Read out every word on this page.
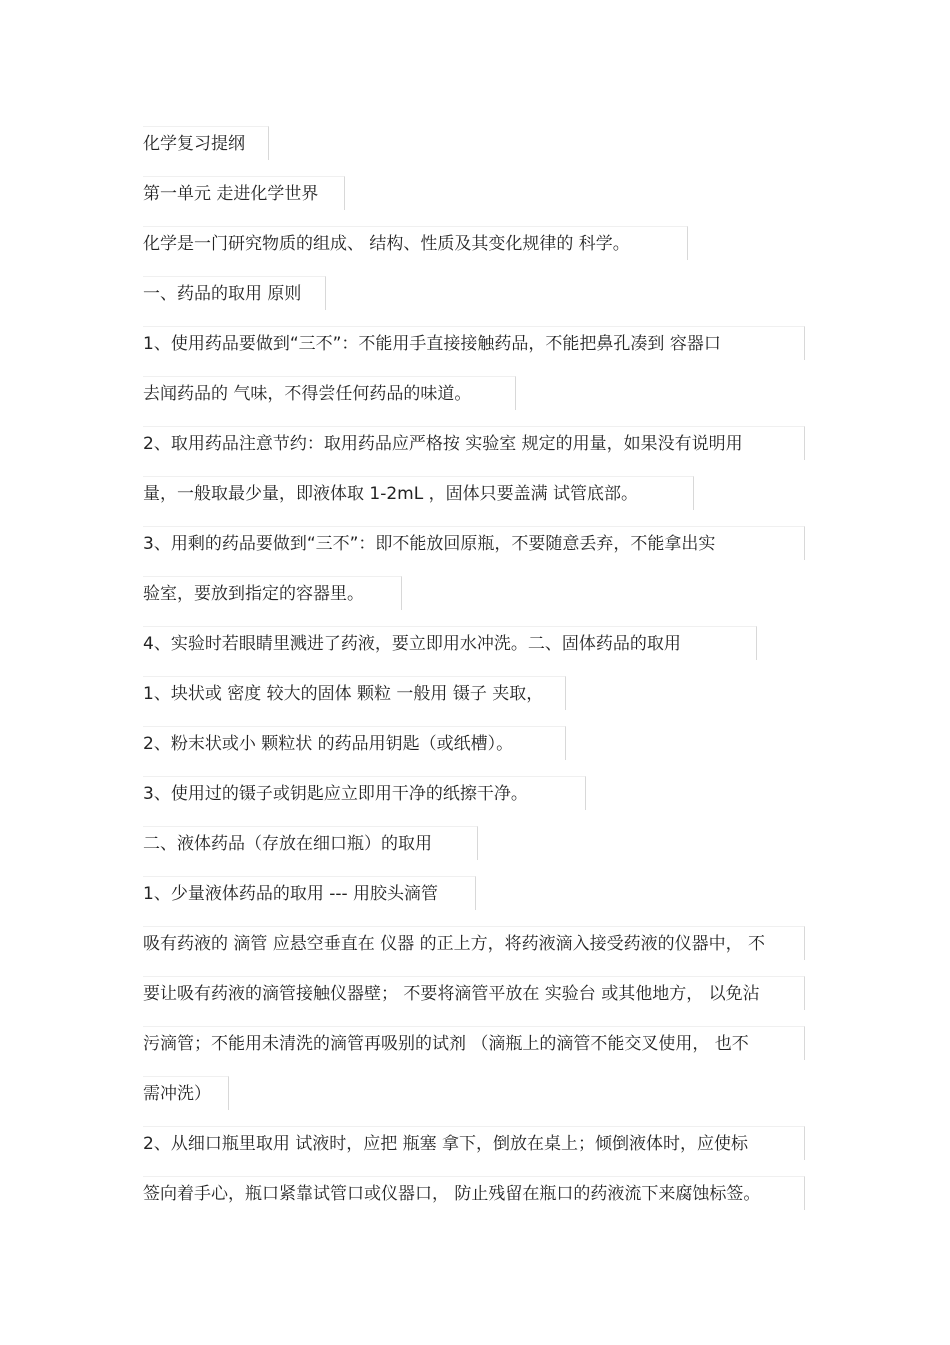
化学复习提纲
第一单元 走进化学世界
化学是一门研究物质的组成、 结构、性质及其变化规律的 科学。
一、药品的取用 原则
1、使用药品要做到“三不”：不能用手直接接触药品，不能把鼻孔凑到 容器口
去闻药品的 气味，不得尝任何药品的味道。
2、取用药品注意节约：取用药品应严格按 实验室 规定的用量，如果没有说明用
量，一般取最少量，即液体取 1-2mL ，固体只要盖满 试管底部。
3、用剩的药品要做到“三不”：即不能放回原瓶，不要随意丢弃，不能拿出实
验室，要放到指定的容器里。
4、实验时若眼睛里溅进了药液，要立即用水冲洗。二、固体药品的取用
1、块状或 密度 较大的固体 颗粒 一般用 镊子 夹取，
2、粉末状或小 颗粒状 的药品用钥匙（或纸槽）。
3、使用过的镊子或钥匙应立即用干净的纸擦干净。
二、液体药品（存放在细口瓶）的取用
1、少量液体药品的取用 --- 用胶头滴管
吸有药液的 滴管 应悬空垂直在 仪器 的正上方，将药液滴入接受药液的仪器中， 不
要让吸有药液的滴管接触仪器壁； 不要将滴管平放在 实验台 或其他地方， 以免沾
污滴管；不能用未清洗的滴管再吸别的试剂 （滴瓶上的滴管不能交叉使用， 也不
需冲洗）
2、从细口瓶里取用 试液时，应把 瓶塞 拿下，倒放在桌上；倾倒液体时，应使标
签向着手心，瓶口紧靠试管口或仪器口， 防止残留在瓶口的药液流下来腐蚀标签。
